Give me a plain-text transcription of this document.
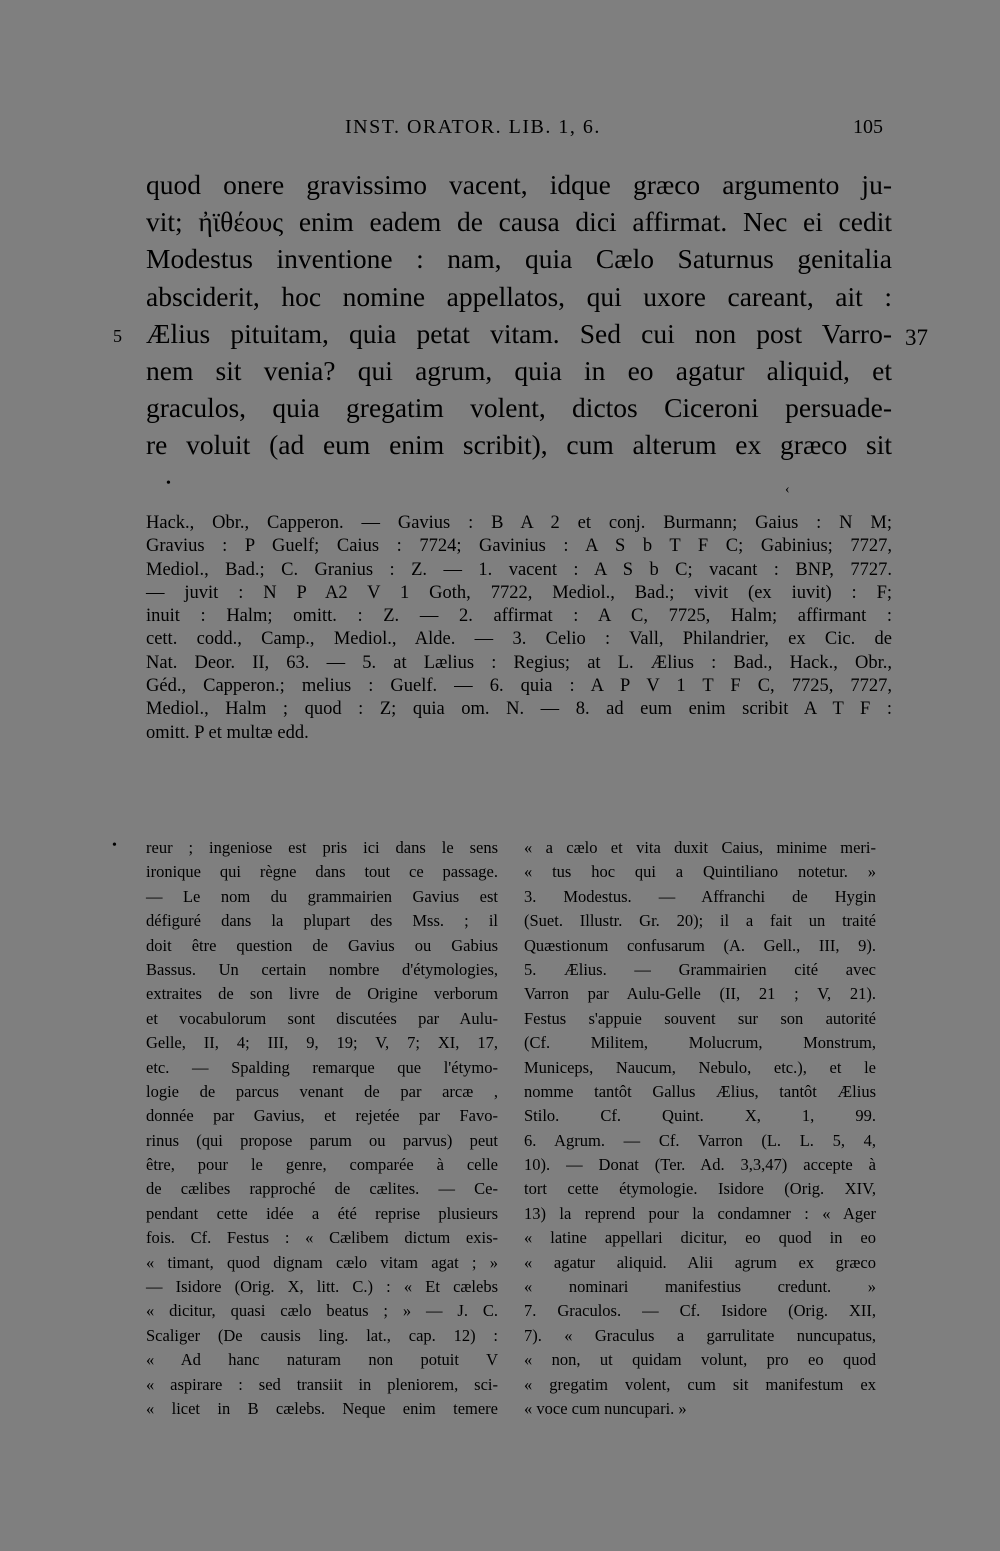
INST. ORATOR. LIB. 1, 6.	105
5	37
•	‹
•
quod onere gravissimo vacent, idque græco argumento ju-
vit; ἠϊθέους enim eadem de causa dici affirmat. Nec ei cedit
Modestus inventione : nam, quia Cælo Saturnus genitalia
absciderit, hoc nomine appellatos, qui uxore careant, ait :
Ælius pituitam, quia petat vitam. Sed cui non post Varro-
nem sit venia? qui agrum, quia in eo agatur aliquid, et
graculos, quia gregatim volent, dictos Ciceroni persuade-
re voluit (ad eum enim scribit), cum alterum ex græco sit
Hack., Obr., Capperon. — Gavius : B A 2 et conj. Burmann; Gaius : N M;
Gravius : P Guelf; Caius : 7724; Gavinius : A S b T F C; Gabinius; 7727,
Mediol., Bad.; C. Granius : Z. — 1. vacent : A S b C; vacant : BNP, 7727.
— juvit : N P A2 V 1 Goth, 7722, Mediol., Bad.; vivit (ex iuvit) : F;
inuit : Halm; omitt. : Z. — 2. affirmat : A C, 7725, Halm; affirmant :
cett. codd., Camp., Mediol., Alde. — 3. Celio : Vall, Philandrier, ex Cic. de
Nat. Deor. II, 63. — 5. at Lælius : Regius; at L. Ælius : Bad., Hack., Obr.,
Géd., Capperon.; melius : Guelf. — 6. quia : A P V 1 T F C, 7725, 7727,
Mediol., Halm ; quod : Z; quia om. N. — 8. ad eum enim scribit A T F :
omitt. P et multæ edd.
reur ; ingeniose est pris ici dans le sens
ironique qui règne dans tout ce passage.
— Le nom du grammairien Gavius est
défiguré dans la plupart des Mss. ; il
doit être question de Gavius ou Gabius
Bassus. Un certain nombre d'étymologies,
extraites de son livre de Origine verborum
et vocabulorum sont discutées par Aulu-
Gelle, II, 4; III, 9, 19; V, 7; XI, 17,
etc. — Spalding remarque que l'étymo-
logie de parcus venant de par arcæ ,
donnée par Gavius, et rejetée par Favo-
rinus (qui propose parum ou parvus) peut
être, pour le genre, comparée à celle
de cælibes rapproché de cælites. — Ce-
pendant cette idée a été reprise plusieurs
fois. Cf. Festus : « Cælibem dictum exis-
« timant, quod dignam cælo vitam agat ; »
— Isidore (Orig. X, litt. C.) : « Et cælebs
« dicitur, quasi cælo beatus ; » — J. C.
Scaliger (De causis ling. lat., cap. 12) :
« Ad hanc naturam non potuit V
« aspirare : sed transiit in pleniorem, sci-
« licet in B cælebs. Neque enim temere
« a cælo et vita duxit Caius, minime meri-
« tus hoc qui a Quintiliano notetur. »
3. Modestus. — Affranchi de Hygin
(Suet. Illustr. Gr. 20); il a fait un traité
Quæstionum confusarum (A. Gell., III, 9).
5. Ælius. — Grammairien cité avec
Varron par Aulu-Gelle (II, 21 ; V, 21).
Festus s'appuie souvent sur son autorité
(Cf. Militem, Molucrum, Monstrum,
Municeps, Naucum, Nebulo, etc.), et le
nomme tantôt Gallus Ælius, tantôt Ælius
Stilo. Cf. Quint. X, 1, 99.
6. Agrum. — Cf. Varron (L. L. 5, 4,
10). — Donat (Ter. Ad. 3,3,47) accepte à
tort cette étymologie. Isidore (Orig. XIV,
13) la reprend pour la condamner : « Ager
« latine appellari dicitur, eo quod in eo
« agatur aliquid. Alii agrum ex græco
« nominari manifestius credunt. »
7. Graculos. — Cf. Isidore (Orig. XII,
7). « Graculus a garrulitate nuncupatus,
« non, ut quidam volunt, pro eo quod
« gregatim volent, cum sit manifestum ex
« voce cum nuncupari. »
